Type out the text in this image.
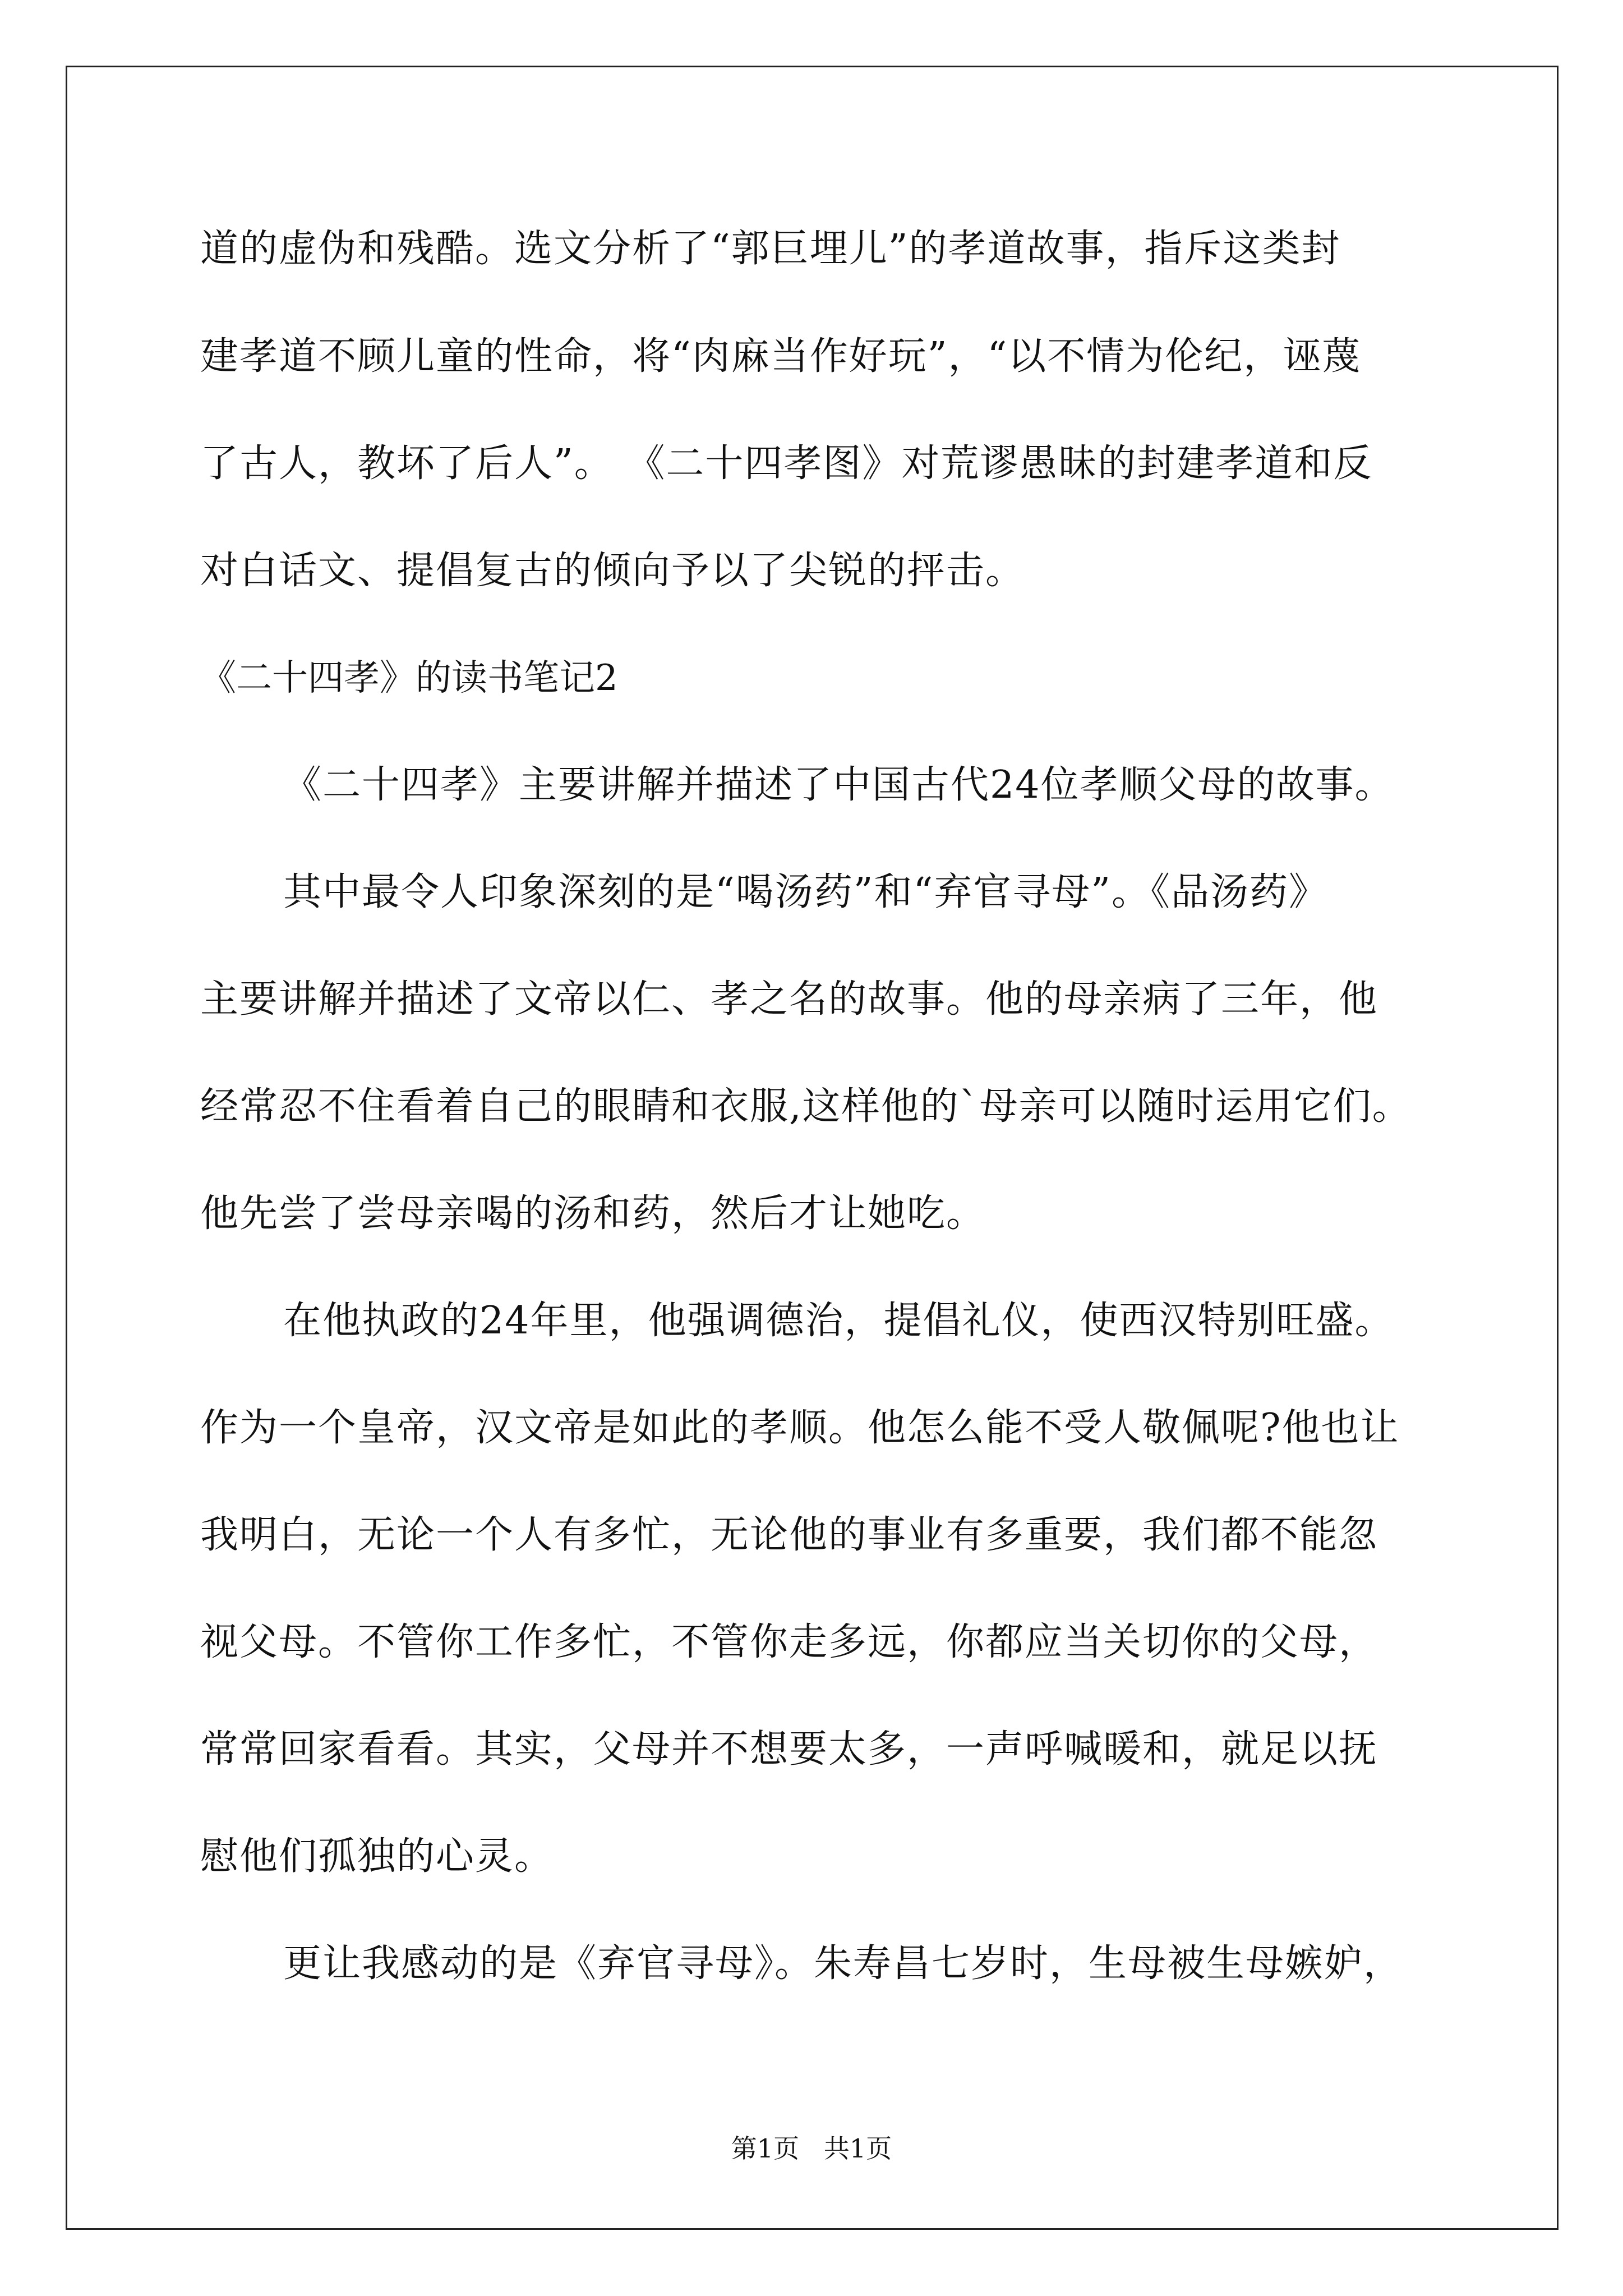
道的虚伪和残酷。选文分析了“郭巨埋儿”的孝道故事，指斥这类封
建孝道不顾儿童的性命，将“肉麻当作好玩”，“以不情为伦纪，诬蔑
了古人，教坏了后人”。 《二十四孝图》对荒谬愚昧的封建孝道和反
对白话文、提倡复古的倾向予以了尖锐的抨击。
《二十四孝》的读书笔记2
《二十四孝》主要讲解并描述了中国古代24位孝顺父母的故事。
其中最令人印象深刻的是“喝汤药”和“弃官寻母”。《品汤药》
主要讲解并描述了文帝以仁、孝之名的故事。他的母亲病了三年，他
经常忍不住看着自己的眼睛和衣服,这样他的`母亲可以随时运用它们。
他先尝了尝母亲喝的汤和药，然后才让她吃。
在他执政的24年里，他强调德治，提倡礼仪，使西汉特别旺盛。
作为一个皇帝，汉文帝是如此的孝顺。他怎么能不受人敬佩呢?他也让
我明白，无论一个人有多忙，无论他的事业有多重要，我们都不能忽
视父母。不管你工作多忙，不管你走多远，你都应当关切你的父母，
常常回家看看。其实，父母并不想要太多，一声呼喊暖和，就足以抚
慰他们孤独的心灵。
更让我感动的是《弃官寻母》。朱寿昌七岁时，生母被生母嫉妒，
第1页   共1页
